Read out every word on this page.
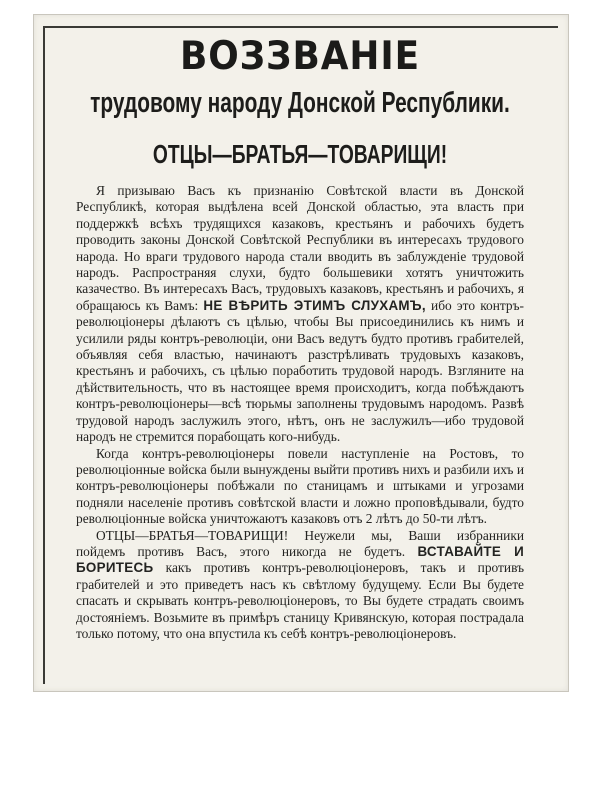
ВОЗЗВАНІЕ
трудовому народу Донской Республики.
ОТЦЫ—БРАТЬЯ—ТОВАРИЩИ!

Я призываю Васъ къ признанію Совѣтской власти въ Донской Республикѣ, которая выдѣлена всей Донской областью, эта власть при поддержкѣ всѣхъ трудящихся казаковъ, крестьянъ и рабочихъ будетъ проводить законы Донской Совѣтской Республики въ интересахъ трудового народа. Но враги трудового народа стали вводить въ заблужденіе трудовой народъ. Распространяя слухи, будто большевики хотятъ уничтожить казачество. Въ интересахъ Васъ, трудовыхъ казаковъ, крестьянъ и рабочихъ, я обращаюсь къ Вамъ: НЕ ВѢРИТЬ ЭТИМЪ СЛУХАМЪ, ибо это контръ-революціонеры дѣлаютъ съ цѣлью, чтобы Вы присоединились къ нимъ и усилили ряды контръ-революціи, они Васъ ведутъ будто противъ грабителей, объявляя себя властью, начинаютъ разстрѣливать трудовыхъ казаковъ, крестьянъ и рабочихъ, съ цѣлью поработить трудовой народъ. Взгляните на дѣйствительность, что въ настоящее время происходитъ, когда побѣждаютъ контръ-революціонеры—всѣ тюрьмы заполнены трудовымъ народомъ. Развѣ трудовой народъ заслужилъ этого, нѣтъ, онъ не заслужилъ—ибо трудовой народъ не стремится порабощать кого-нибудь.

Когда контръ-революціонеры повели наступленіе на Ростовъ, то революціонные войска были вынуждены выйти противъ нихъ и разбили ихъ и контръ-революціонеры побѣжали по станицамъ и штыками и угрозами подняли населеніе противъ совѣтской власти и ложно проповѣдывали, будто революціонные войска уничтожаютъ казаковъ отъ 2 лѣтъ до 50-ти лѣтъ.

ОТЦЫ—БРАТЬЯ—ТОВАРИЩИ! Неужели мы, Ваши избранники пойдемъ противъ Васъ, этого никогда не будетъ. ВСТАВАЙТЕ И БОРИТЕСЬ какъ противъ контръ-революціонеровъ, такъ и противъ грабителей и это приведетъ насъ къ свѣтлому будущему. Если Вы будете спасать и скрывать контръ-революціонеровъ, то Вы будете страдать своимъ достояніемъ. Возьмите въ примѣръ станицу Кривянскую, которая пострадала только потому, что она впустила къ себѣ контръ-революціонеровъ.
